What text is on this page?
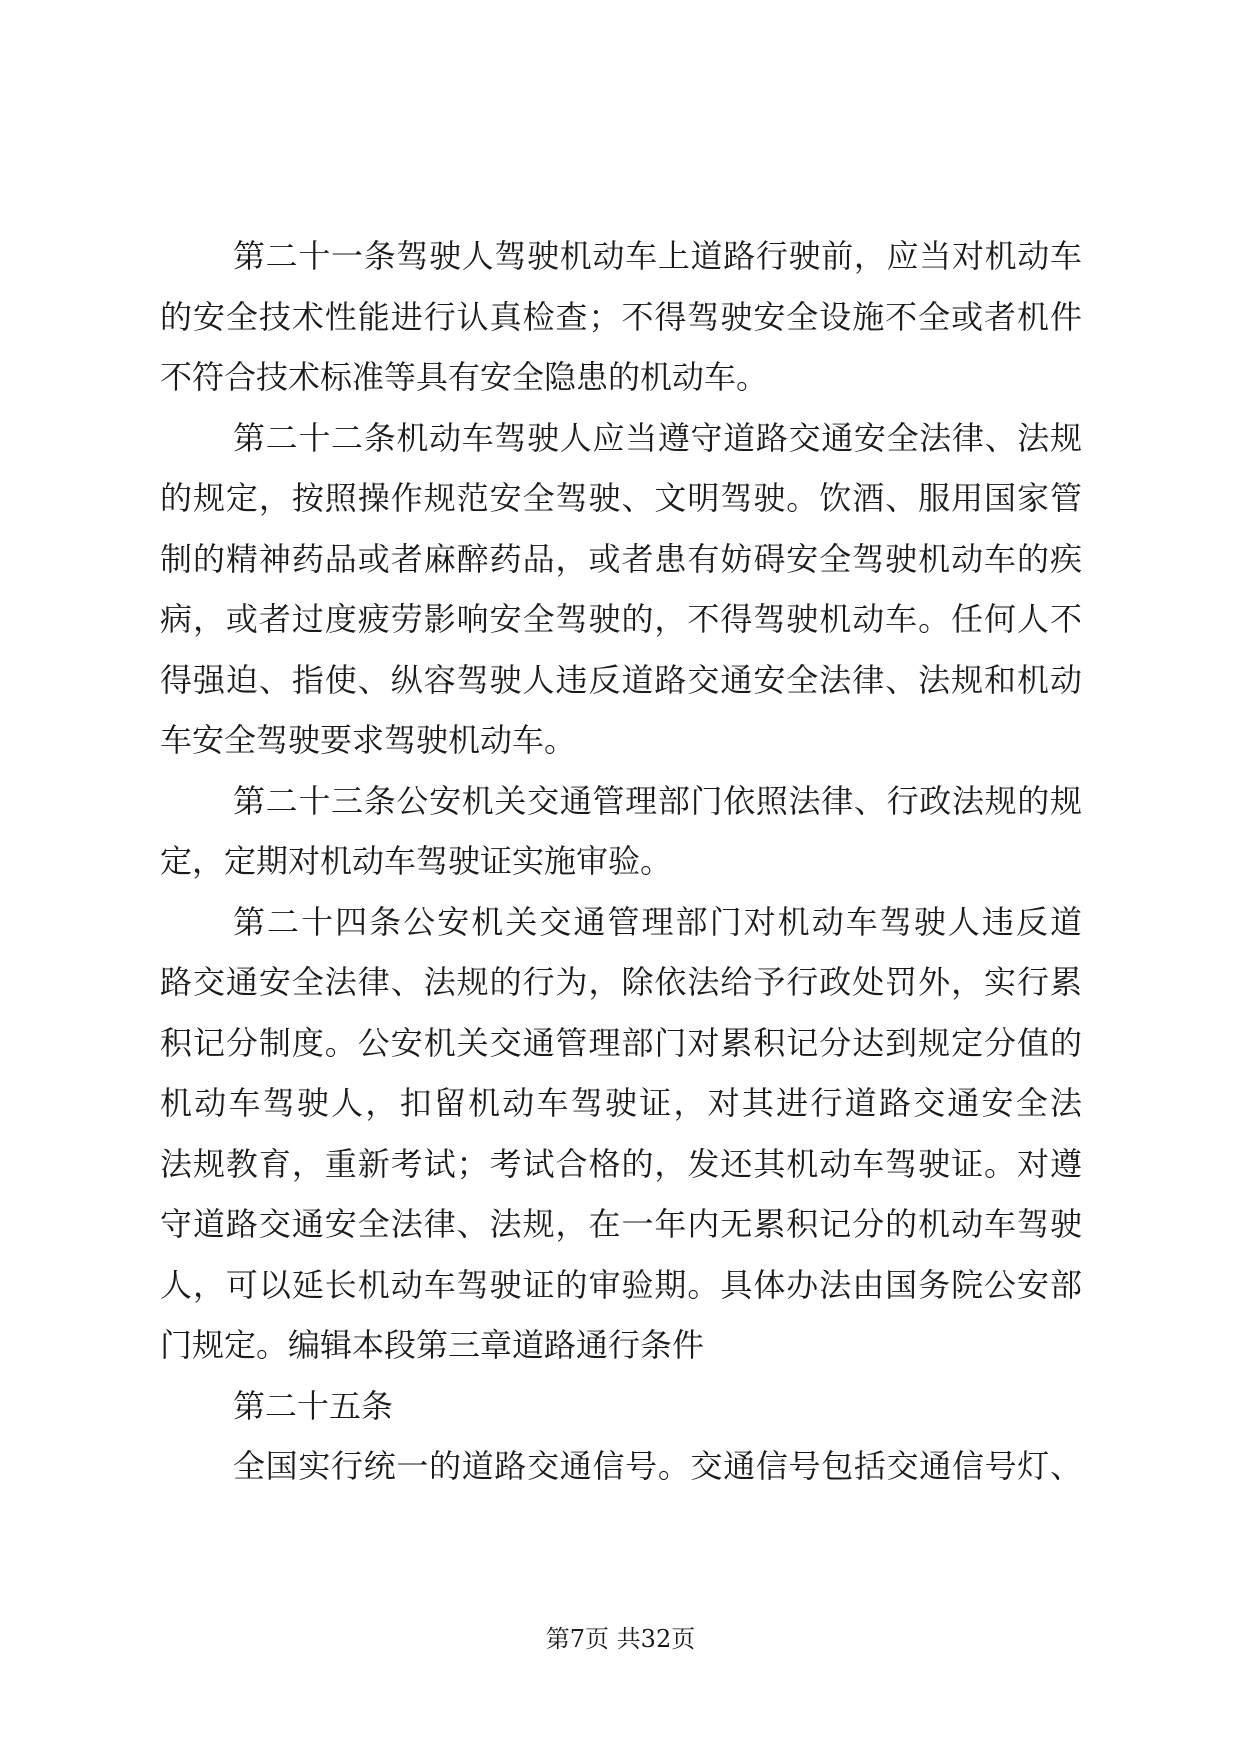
第二十一条驾驶人驾驶机动车上道路行驶前，应当对机动车
的安全技术性能进行认真检查；不得驾驶安全设施不全或者机件
不符合技术标准等具有安全隐患的机动车。
第二十二条机动车驾驶人应当遵守道路交通安全法律、法规
的规定，按照操作规范安全驾驶、文明驾驶。饮酒、服用国家管
制的精神药品或者麻醉药品，或者患有妨碍安全驾驶机动车的疾
病，或者过度疲劳影响安全驾驶的，不得驾驶机动车。任何人不
得强迫、指使、纵容驾驶人违反道路交通安全法律、法规和机动
车安全驾驶要求驾驶机动车。
第二十三条公安机关交通管理部门依照法律、行政法规的规
定，定期对机动车驾驶证实施审验。
第二十四条公安机关交通管理部门对机动车驾驶人违反道
路交通安全法律、法规的行为，除依法给予行政处罚外，实行累
积记分制度。公安机关交通管理部门对累积记分达到规定分值的
机动车驾驶人，扣留机动车驾驶证，对其进行道路交通安全法
法规教育，重新考试；考试合格的，发还其机动车驾驶证。对遵
守道路交通安全法律、法规，在一年内无累积记分的机动车驾驶
人，可以延长机动车驾驶证的审验期。具体办法由国务院公安部
门规定。编辑本段第三章道路通行条件
第二十五条
全国实行统一的道路交通信号。交通信号包括交通信号灯、
第7页 共32页
